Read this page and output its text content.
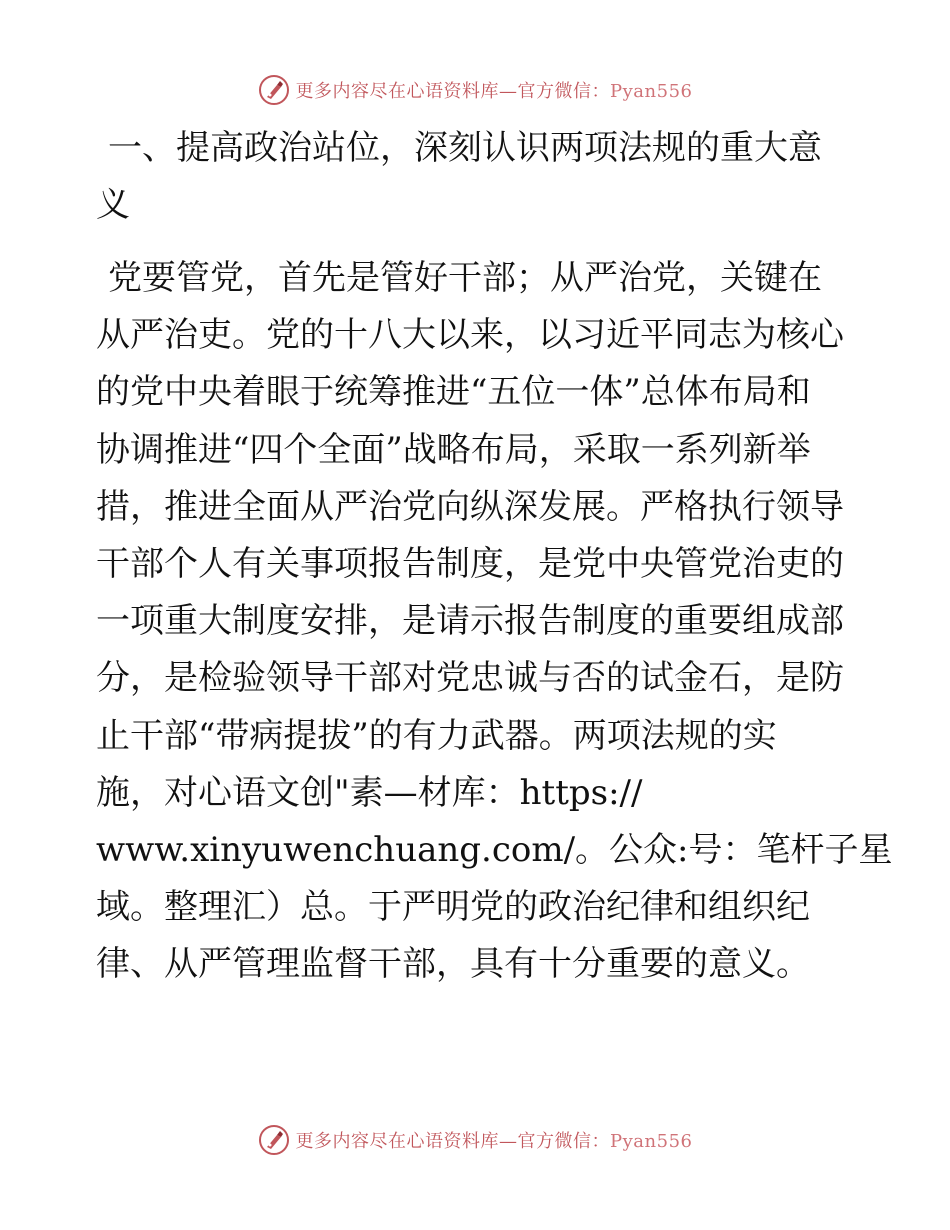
更多内容尽在心语资料库—官方微信：Pyan556
一、提高政治站位，深刻认识两项法规的重大意
义
党要管党，首先是管好干部；从严治党，关键在
从严治吏。党的十八大以来，以习近平同志为核心
的党中央着眼于统筹推进“五位一体”总体布局和
协调推进“四个全面”战略布局，采取一系列新举
措，推进全面从严治党向纵深发展。严格执行领导
干部个人有关事项报告制度，是党中央管党治吏的
一项重大制度安排，是请示报告制度的重要组成部
分，是检验领导干部对党忠诚与否的试金石，是防
止干部“带病提拔”的有力武器。两项法规的实
施，对心语文创"素—材库：https://
www.xinyuwenchuang.com/。公众:号：笔杆子星
域。整理汇）总。于严明党的政治纪律和组织纪
律、从严管理监督干部，具有十分重要的意义。
更多内容尽在心语资料库—官方微信：Pyan556
